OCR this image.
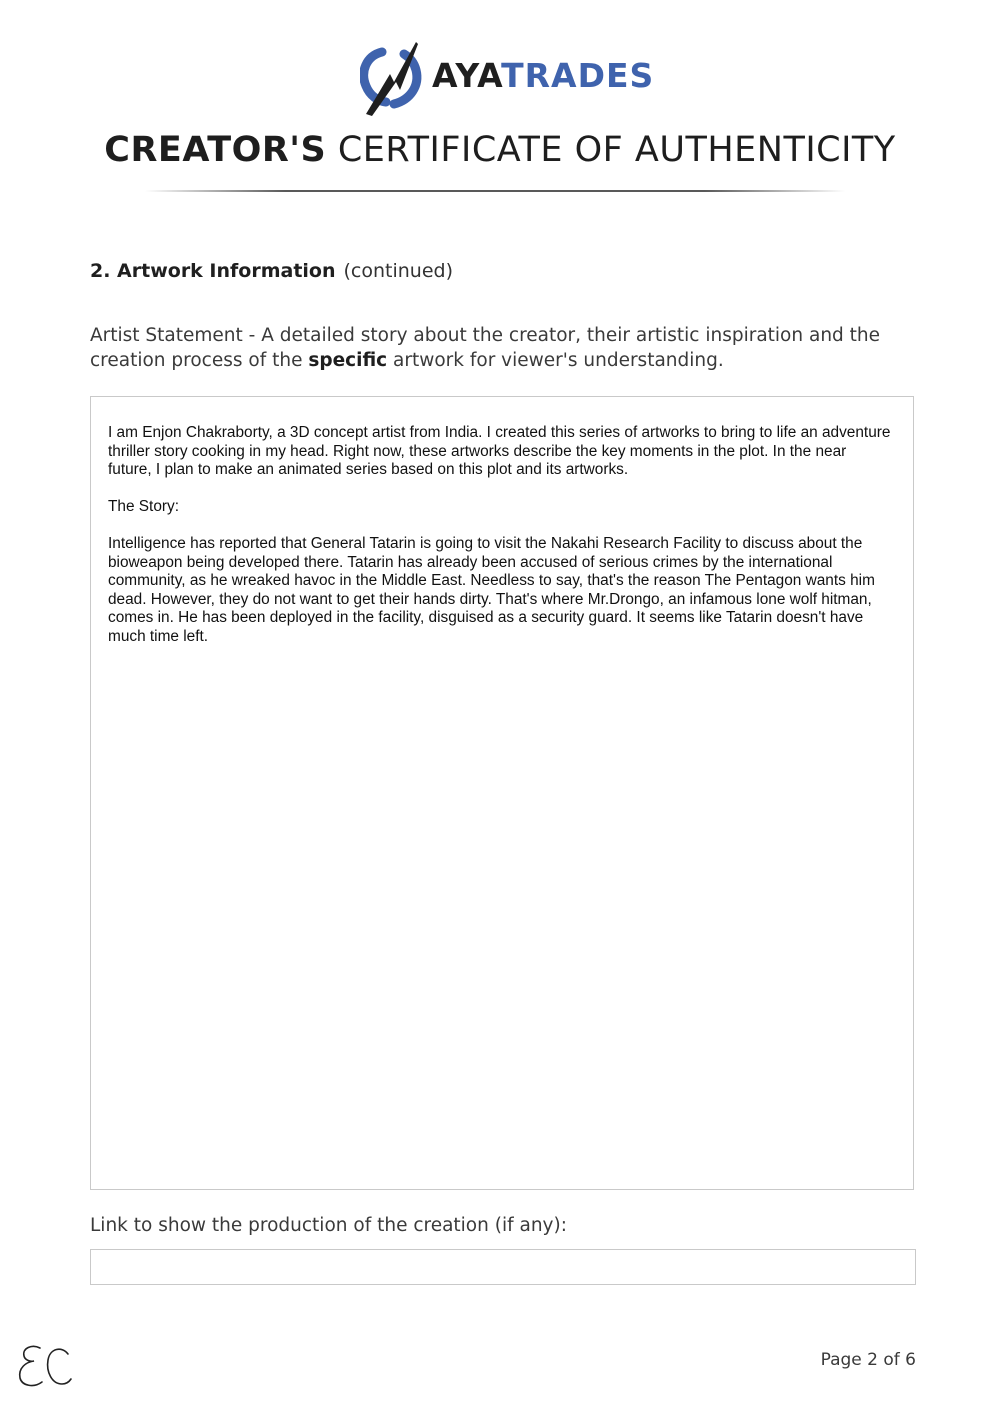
AYATRADES
CREATOR'S CERTIFICATE OF AUTHENTICITY
2. Artwork Information (continued)
Artist Statement - A detailed story about the creator, their artistic inspiration and the creation process of the specific artwork for viewer's understanding.

I am Enjon Chakraborty, a 3D concept artist from India. I created this series of artworks to bring to life an adventure thriller story cooking in my head. Right now, these artworks describe the key moments in the plot. In the near future, I plan to make an animated series based on this plot and its artworks.

The Story:

Intelligence has reported that General Tatarin is going to visit the Nakahi Research Facility to discuss about the bioweapon being developed there. Tatarin has already been accused of serious crimes by the international community, as he wreaked havoc in the Middle East. Needless to say, that's the reason The Pentagon wants him dead. However, they do not want to get their hands dirty. That's where Mr.Drongo, an infamous lone wolf hitman, comes in. He has been deployed in the facility, disguised as a security guard. It seems like Tatarin doesn't have much time left.

Link to show the production of the creation (if any):
Page 2 of 6
